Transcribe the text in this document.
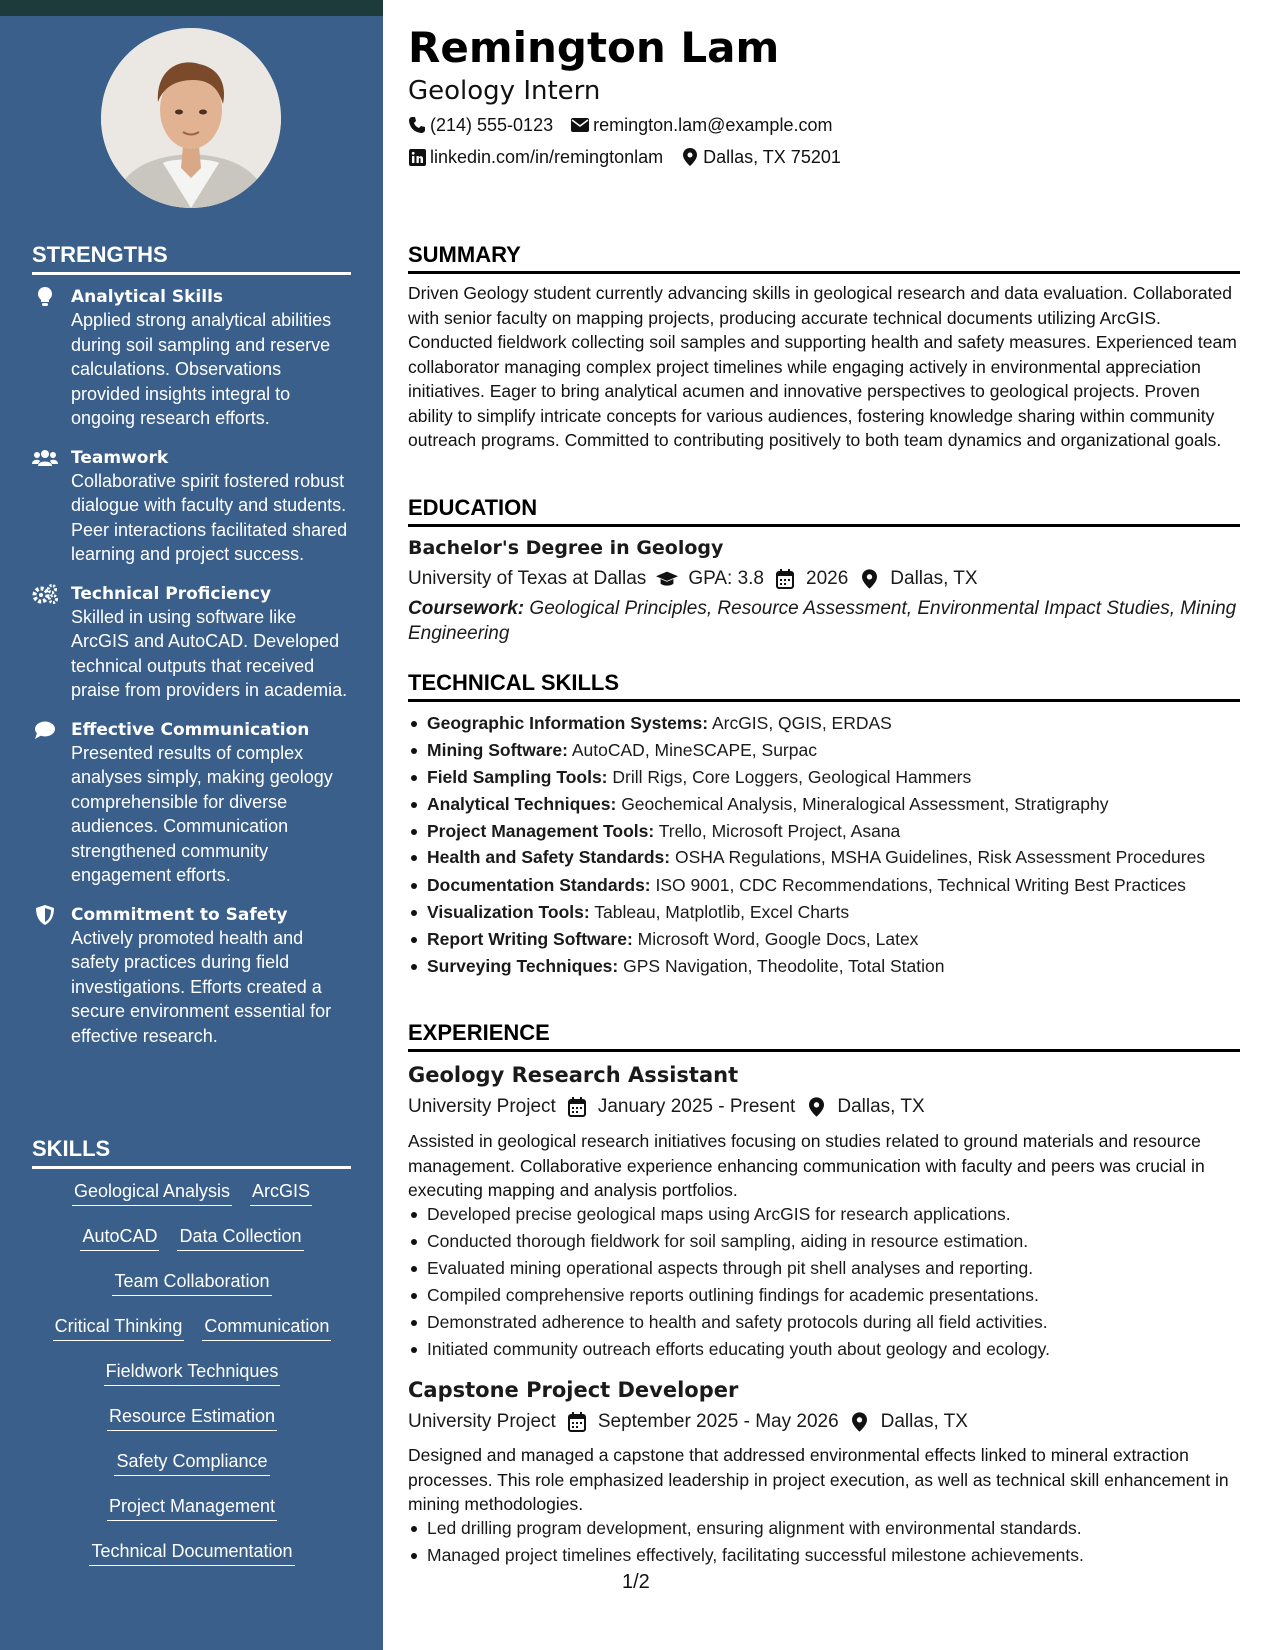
STRENGTHS
Analytical Skills
Applied strong analytical abilities during soil sampling and reserve calculations. Observations provided insights integral to ongoing research efforts.
Teamwork
Collaborative spirit fostered robust dialogue with faculty and students. Peer interactions facilitated shared learning and project success.
Technical Proficiency
Skilled in using software like ArcGIS and AutoCAD. Developed technical outputs that received praise from providers in academia.
Effective Communication
Presented results of complex analyses simply, making geology comprehensible for diverse audiences. Communication strengthened community engagement efforts.
Commitment to Safety
Actively promoted health and safety practices during field investigations. Efforts created a secure environment essential for effective research.
SKILLS
Geological Analysis ArcGIS
AutoCAD Data Collection
Team Collaboration
Critical Thinking Communication
Fieldwork Techniques
Resource Estimation
Safety Compliance
Project Management
Technical Documentation
Remington Lam
Geology Intern
(214) 555-0123 remington.lam@example.com
linkedin.com/in/remingtonlam Dallas, TX 75201
SUMMARY
Driven Geology student currently advancing skills in geological research and data evaluation. Collaborated with senior faculty on mapping projects, producing accurate technical documents utilizing ArcGIS. Conducted fieldwork collecting soil samples and supporting health and safety measures. Experienced team collaborator managing complex project timelines while engaging actively in environmental appreciation initiatives. Eager to bring analytical acumen and innovative perspectives to geological projects. Proven ability to simplify intricate concepts for various audiences, fostering knowledge sharing within community outreach programs. Committed to contributing positively to both team dynamics and organizational goals.
EDUCATION
Bachelor's Degree in Geology
University of Texas at Dallas GPA: 3.8 2026 Dallas, TX
Coursework: Geological Principles, Resource Assessment, Environmental Impact Studies, Mining Engineering
TECHNICAL SKILLS
Geographic Information Systems: ArcGIS, QGIS, ERDAS
Mining Software: AutoCAD, MineSCAPE, Surpac
Field Sampling Tools: Drill Rigs, Core Loggers, Geological Hammers
Analytical Techniques: Geochemical Analysis, Mineralogical Assessment, Stratigraphy
Project Management Tools: Trello, Microsoft Project, Asana
Health and Safety Standards: OSHA Regulations, MSHA Guidelines, Risk Assessment Procedures
Documentation Standards: ISO 9001, CDC Recommendations, Technical Writing Best Practices
Visualization Tools: Tableau, Matplotlib, Excel Charts
Report Writing Software: Microsoft Word, Google Docs, Latex
Surveying Techniques: GPS Navigation, Theodolite, Total Station
EXPERIENCE
Geology Research Assistant
University Project January 2025 - Present Dallas, TX
Assisted in geological research initiatives focusing on studies related to ground materials and resource management. Collaborative experience enhancing communication with faculty and peers was crucial in executing mapping and analysis portfolios.
Developed precise geological maps using ArcGIS for research applications.
Conducted thorough fieldwork for soil sampling, aiding in resource estimation.
Evaluated mining operational aspects through pit shell analyses and reporting.
Compiled comprehensive reports outlining findings for academic presentations.
Demonstrated adherence to health and safety protocols during all field activities.
Initiated community outreach efforts educating youth about geology and ecology.
Capstone Project Developer
University Project September 2025 - May 2026 Dallas, TX
Designed and managed a capstone that addressed environmental effects linked to mineral extraction processes. This role emphasized leadership in project execution, as well as technical skill enhancement in mining methodologies.
Led drilling program development, ensuring alignment with environmental standards.
Managed project timelines effectively, facilitating successful milestone achievements.
1/2
